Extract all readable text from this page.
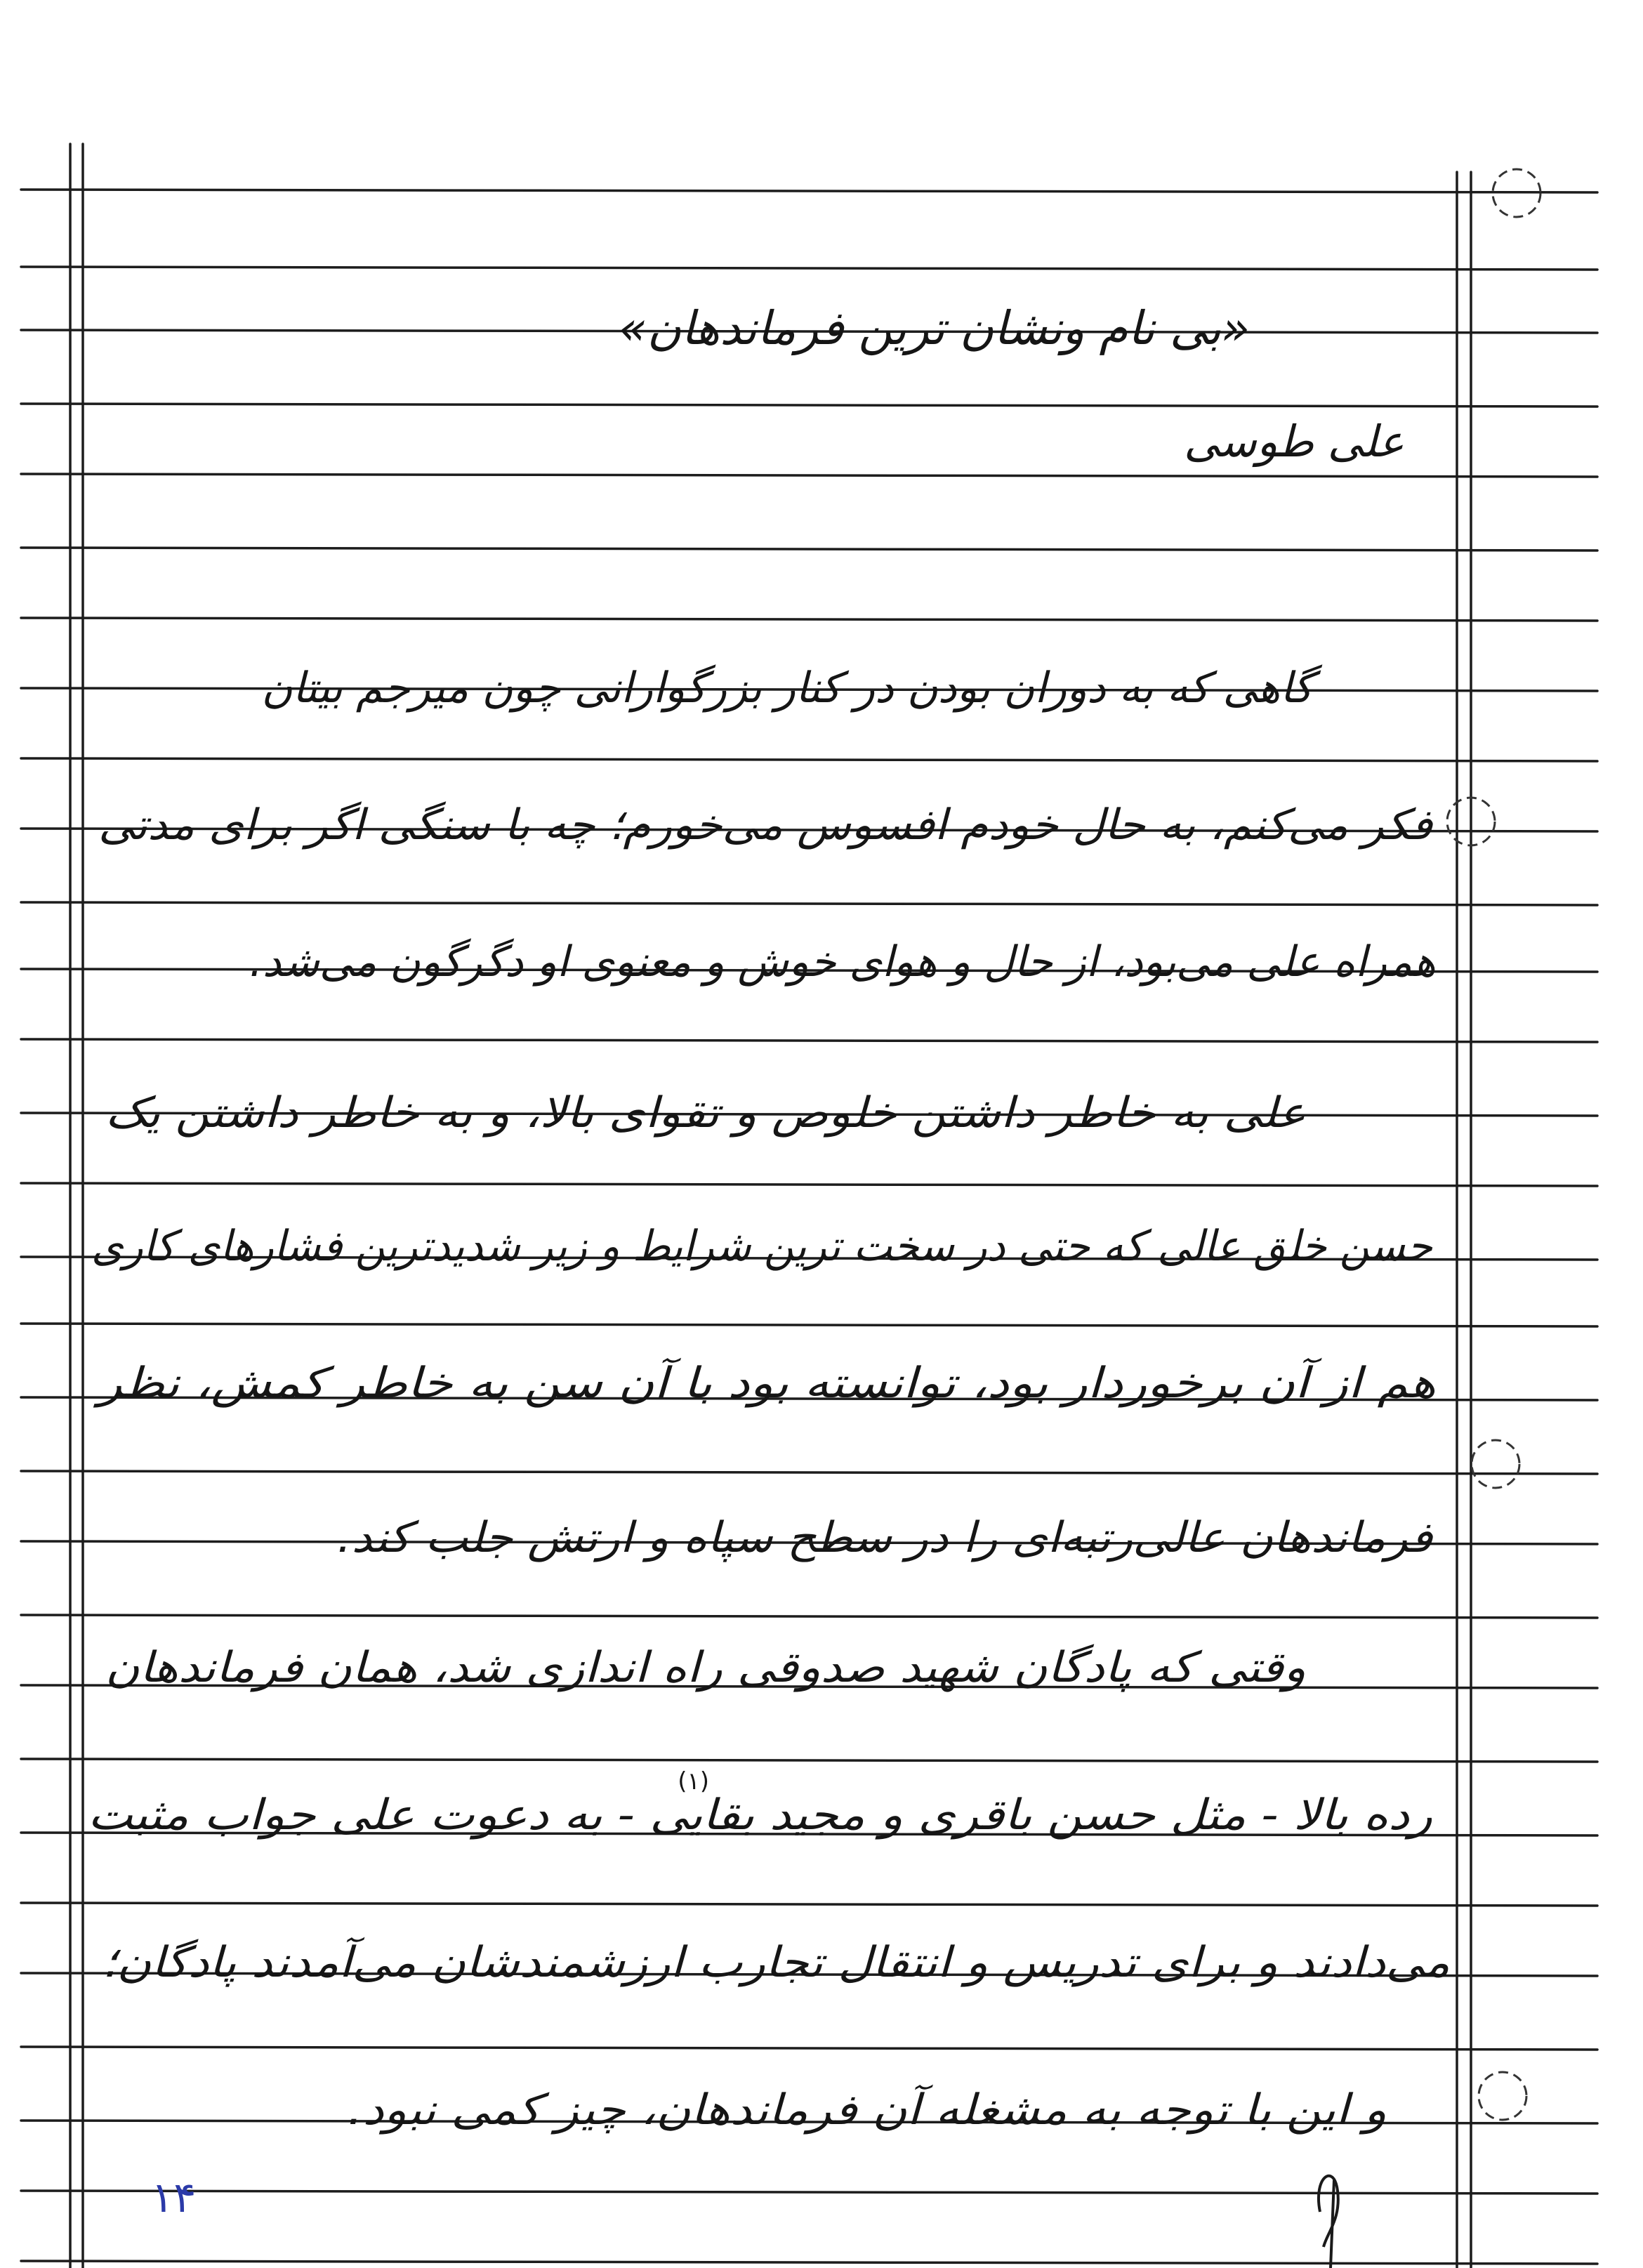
«بی نام ونشان ترین فرماندهان»
علی طوسی
گاهی که به دوران بودن در کنار بزرگوارانی چون میرجم بیتان
فکر می‌کنم، به حال خودم افسوس می‌خورم؛ چه با سنگی اگر برای مدتی
همراه علی می‌بود، از حال و هوای خوش و معنوی او دگرگون می‌شد.
علی به خاطر داشتن خلوص و تقوای بالا، و به خاطر داشتن یک
حسن خلق عالی که حتی در سخت ترین شرایط و زیر شدیدترین فشارهای کاری
هم از آن برخوردار بود، توانسته بود با آن سن به خاطر کمش، نظر
فرماندهان عالی‌رتبه‌ای را در سطح سپاه و ارتش جلب کند.
وقتی که پادگان شهید صدوقی راه اندازی شد، همان فرماندهان
رده بالا - مثل حسن باقری و مجید بقایی - به دعوت علی جواب مثبت
می‌دادند و برای تدریس و انتقال تجارب ارزشمندشان می‌آمدند پادگان؛
و این با توجه به مشغله آن فرماندهان، چیز کمی نبود.
(۱)
۱۴
